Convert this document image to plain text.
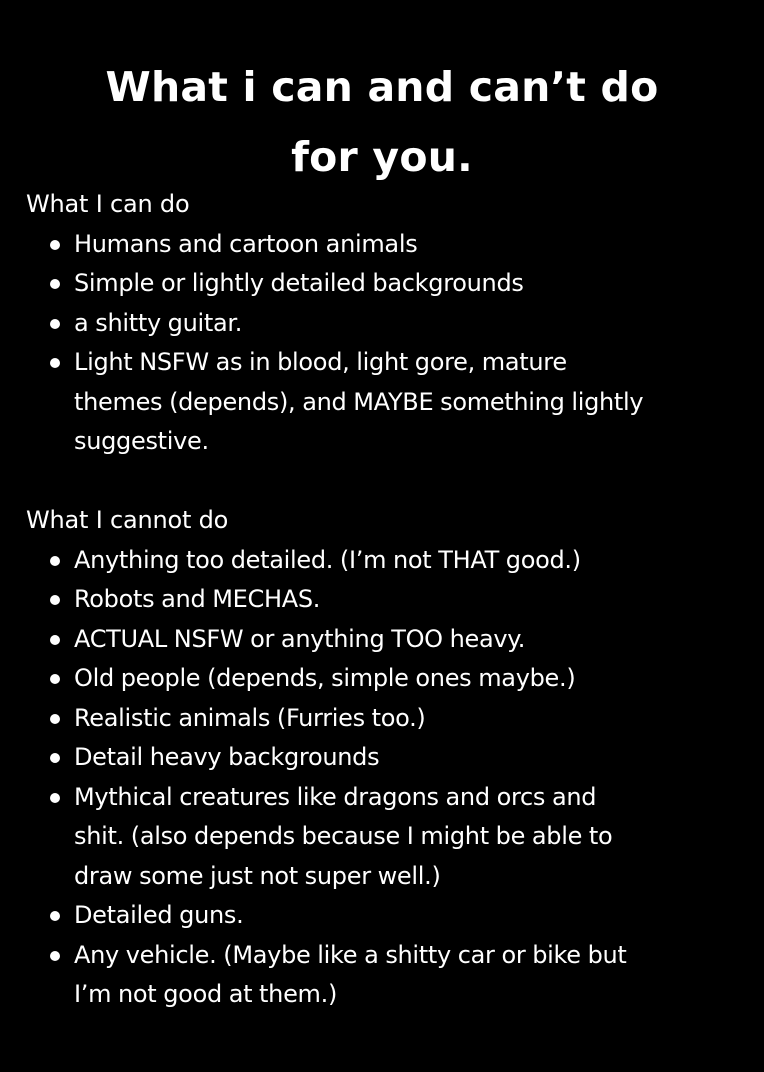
What i can and can’t do
for you.

What I can do

Humans and cartoon animals
Simple or lightly detailed backgrounds
a shitty guitar.
Light NSFW as in blood, light gore, mature
themes (depends), and MAYBE something lightly
suggestive.

What I cannot do

Anything too detailed. (I’m not THAT good.)
Robots and MECHAS.
ACTUAL NSFW or anything TOO heavy.
Old people (depends, simple ones maybe.)
Realistic animals (Furries too.)
Detail heavy backgrounds
Mythical creatures like dragons and orcs and
shit. (also depends because I might be able to
draw some just not super well.)
Detailed guns.
Any vehicle. (Maybe like a shitty car or bike but
I’m not good at them.)
